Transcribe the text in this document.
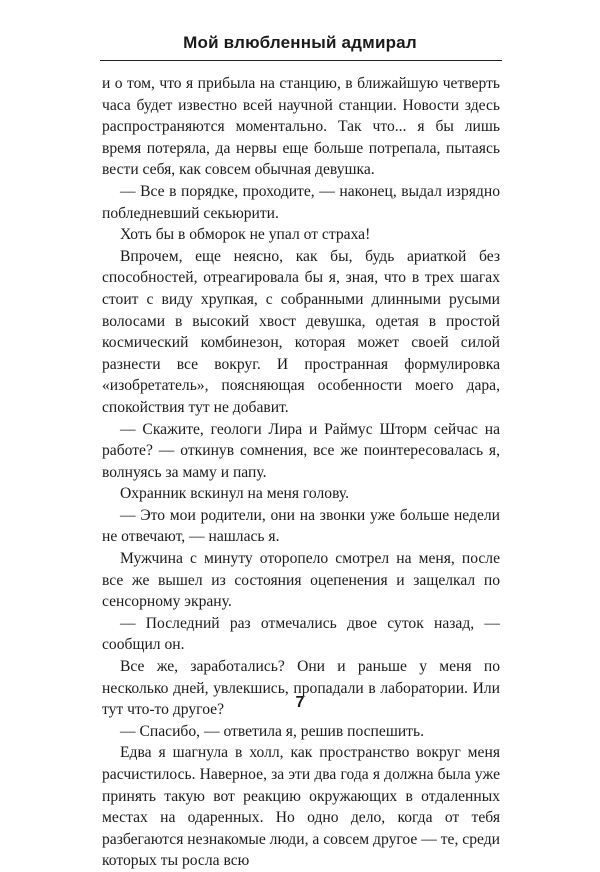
Мой влюбленный адмирал

и о том, что я прибыла на станцию, в ближайшую четверть часа будет известно всей научной станции. Новости здесь распространяются моментально. Так что... я бы лишь время потеряла, да нервы еще больше потрепала, пытаясь вести себя, как совсем обычная девушка.

— Все в порядке, проходите, — наконец, выдал изрядно побледневший секьюрити.

Хоть бы в обморок не упал от страха!

Впрочем, еще неясно, как бы, будь ариаткой без способностей, отреагировала бы я, зная, что в трех шагах стоит с виду хрупкая, с собранными длинными русыми волосами в высокий хвост девушка, одетая в простой космический комбинезон, которая может своей силой разнести все вокруг. И пространная формулировка «изобретатель», поясняющая особенности моего дара, спокойствия тут не добавит.

— Скажите, геологи Лира и Раймус Шторм сейчас на работе? — откинув сомнения, все же поинтересовалась я, волнуясь за маму и папу.

Охранник вскинул на меня голову.

— Это мои родители, они на звонки уже больше недели не отвечают, — нашлась я.

Мужчина с минуту оторопело смотрел на меня, после все же вышел из состояния оцепенения и защелкал по сенсорному экрану.

— Последний раз отмечались двое суток назад, — сообщил он.

Все же, заработались? Они и раньше у меня по несколько дней, увлекшись, пропадали в лаборатории. Или тут что-то другое?

— Спасибо, — ответила я, решив поспешить.

Едва я шагнула в холл, как пространство вокруг меня расчистилось. Наверное, за эти два года я должна была уже принять такую вот реакцию окружающих в отдаленных местах на одаренных. Но одно дело, когда от тебя разбегаются незнакомые люди, а совсем другое — те, среди которых ты росла всю

7
